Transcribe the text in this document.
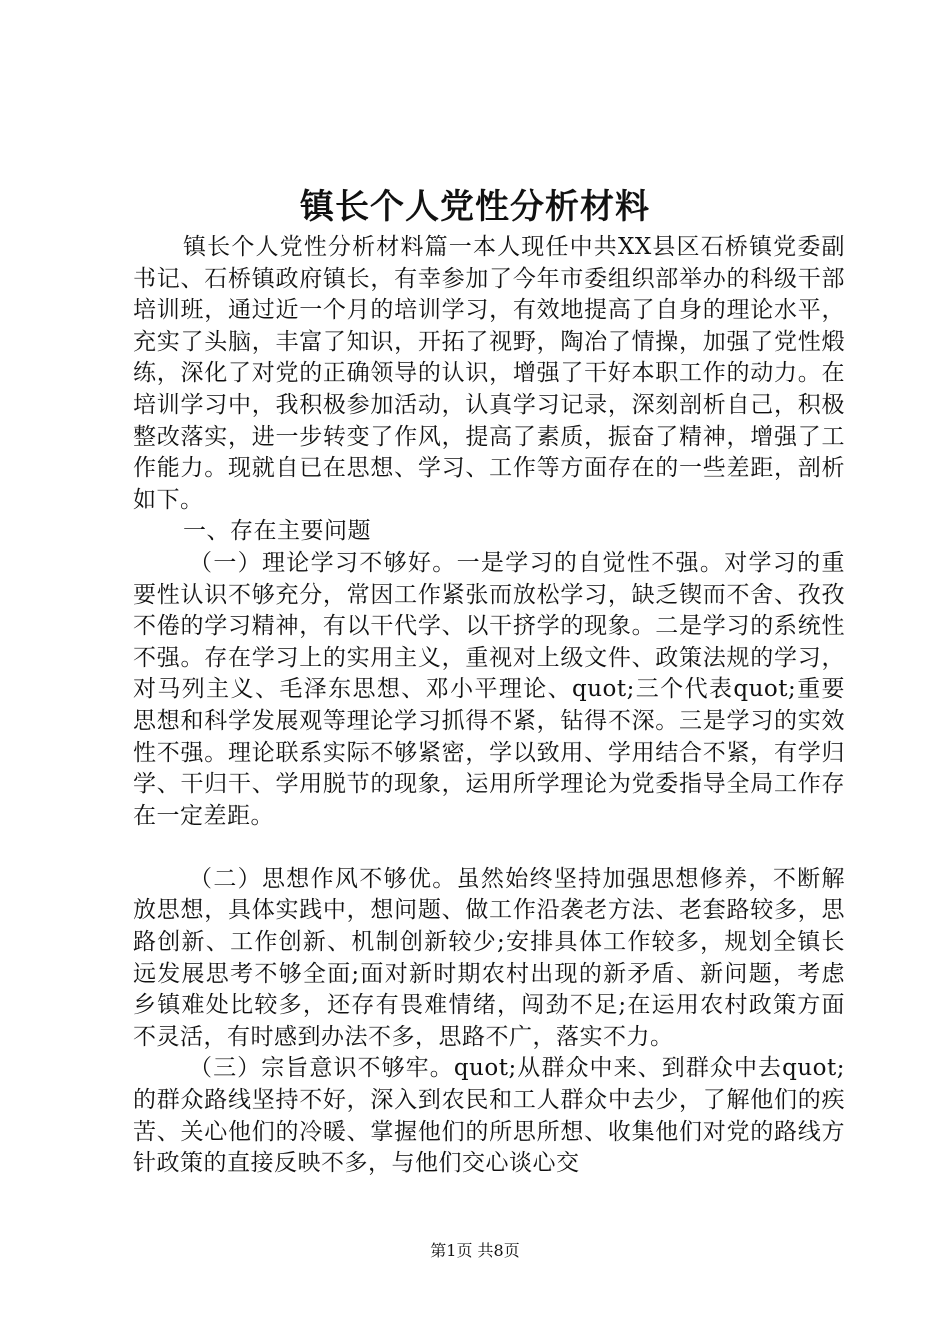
镇长个人党性分析材料

镇长个人党性分析材料篇一本人现任中共XX县区石桥镇党委副书记、石桥镇政府镇长，有幸参加了今年市委组织部举办的科级干部培训班，通过近一个月的培训学习，有效地提高了自身的理论水平，充实了头脑，丰富了知识，开拓了视野，陶冶了情操，加强了党性煅练，深化了对党的正确领导的认识，增强了干好本职工作的动力。在培训学习中，我积极参加活动，认真学习记录，深刻剖析自己，积极整改落实，进一步转变了作风，提高了素质，振奋了精神，增强了工作能力。现就自已在思想、学习、工作等方面存在的一些差距，剖析如下。

一、存在主要问题

（一）理论学习不够好。一是学习的自觉性不强。对学习的重要性认识不够充分，常因工作紧张而放松学习，缺乏锲而不舍、孜孜不倦的学习精神，有以干代学、以干挤学的现象。二是学习的系统性不强。存在学习上的实用主义，重视对上级文件、政策法规的学习，对马列主义、毛泽东思想、邓小平理论、quot;三个代表quot;重要思想和科学发展观等理论学习抓得不紧，钻得不深。三是学习的实效性不强。理论联系实际不够紧密，学以致用、学用结合不紧，有学归学、干归干、学用脱节的现象，运用所学理论为党委指导全局工作存在一定差距。

（二）思想作风不够优。虽然始终坚持加强思想修养，不断解放思想，具体实践中，想问题、做工作沿袭老方法、老套路较多，思路创新、工作创新、机制创新较少;安排具体工作较多，规划全镇长远发展思考不够全面;面对新时期农村出现的新矛盾、新问题，考虑乡镇难处比较多，还存有畏难情绪，闯劲不足;在运用农村政策方面不灵活，有时感到办法不多，思路不广，落实不力。

（三）宗旨意识不够牢。quot;从群众中来、到群众中去quot;的群众路线坚持不好，深入到农民和工人群众中去少，了解他们的疾苦、关心他们的冷暖、掌握他们的所思所想、收集他们对党的路线方针政策的直接反映不多，与他们交心谈心交

第1页 共8页
